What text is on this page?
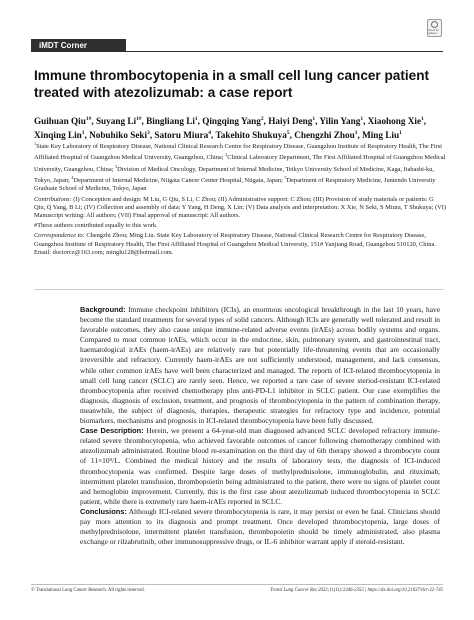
Check for updates
iMDT Corner
Immune thrombocytopenia in a small cell lung cancer patient treated with atezolizumab: a case report
Guihuan Qiu$^{1\#}$, Suyang $Li^{1\#}$, Bingliang Li$^1$, Qingqing Yang$^2$, Haiyi Deng$^1$, Yilin Yang$^1$, Xiaohong Xie$^1$, Xinqing Lin$^1$, Nobuhiko Seki$^3$, Satoru Miura$^4$, Takehito Shukuya$^5$, Chengzhi Zhou$^1$, Ming Liu$^1$

$^1$State Key Laboratory of Respiratory Disease, National Clinical Research Centre for Respiratory Disease, Guangzhou Institute of Respiratory Health, The First Affiliated Hospital of Guangzhou Medical University, Guangzhou, China; $^2$Clinical Laboratory Department, The First Affiliated Hospital of Guangzhou Medical University, Guangzhou, China; $^3$Division of Medical Oncology, Department of Internal Medicine, Teikyo University School of Medicine, Kaga, Itabashi-ku, Tokyo, Japan; $^4$Department of Internal Medicine, Niigata Cancer Center Hospital, Niigata, Japan; $^5$Department of Respiratory Medicine, Juntendo University Graduate School of Medicine, Tokyo, Japan

Contributions: (I) Conception and design: M Liu, G Qiu, S Li, C Zhou; (II) Administrative support: C Zhou; (III) Provision of study materials or patients: G Qiu, Q Yang, B Li; (IV) Collection and assembly of data: Y Yang, H Deng, X Lin; (V) Data analysis and interpretation: X Xie, N Seki, S Miura, T Shukuya; (VI) Manuscript writing: All authors; (VII) Final approval of manuscript: All authors.

#These authors contributed equally to this work.

Correspondence to: Chengzhi Zhou; Ming Liu. State Key Laboratory of Respiratory Disease, National Clinical Research Centre for Respiratory Disease, Guangzhou Institute of Respiratory Health, The First Affiliated Hospital of Guangzhou Medical University, 151# Yanjiang Road, Guangzhou 510120, China. Email: doctorcz@163.com; minglu128@hotmail.com.

Background: Immune checkpoint inhibitors (ICIs), an enormous oncological breakthrough in the last 10 years, have become the standard treatments for several types of solid cancers. Although ICIs are generally well tolerated and result in favorable outcomes, they also cause unique immune-related adverse events (irAEs) across bodily systems and organs. Compared to most common irAEs, which occur in the endocrine, skin, pulmonary system, and gastrointestinal tract, haematological irAEs (haem-irAEs) are relatively rare but potentially life-threatening events that are occasionally irreversible and refractory. Currently haem-irAEs are not sufficiently understood, management, and lack consensus, while other common irAEs have well been characterized and managed. The reports of ICI-related thrombocytopenia in small cell lung cancer (SCLC) are rarely seen. Hence, we reported a rare case of severe steriod-resistant ICI-related thrombocytopenia after received chemotherapy plus anti-PD-L1 inhibitor in SCLC patient. Our case exemplifies the diagnosis, diagnosis of exclusion, treatment, and prognosis of thrombocytopenia in the pattern of combination therapy, meanwhile, the subject of diagnosis, therapies, therapeutic strategies for refractory type and incidence, potential biomarkers, mechanisms and prognosis in ICI-related thrombocytopenia have been fully discussed.

Case Description: Herein, we present a 64-year-old man diagnosed advanced SCLC developed refractory immune-related severe thrombocytopenia, who achieved favorable outcomes of cancer following chemotherapy combined with atezolizumab administrated. Routine blood re-examination on the third day of 6th therapy showed a thrombocyte count of 11×10⁹/L. Combined the medical history and the results of laboratory tests, the diagnosis of ICI-induced thrombocytopenia was confirmed. Despite large doses of methylprednisolone, immunoglobulin, and rituximab, intermittent platelet transfusion, thrombopoietin being administrated to the patient, there were no signs of platelet count and hemoglobin improvement. Currently, this is the first case about atezolizumab induced thrombocytopenia in SCLC patient, while there is extremely rare haem-irAEs reported in SCLC.

Conclusions: Although ICI-related severe thrombocytopenia is rare, it may persist or even be fatal. Clinicians should pay more attention to its diagnosis and prompt treatment. Once developed thrombocytopenia, large doses of methylprednisolone, intermittent platelet transfusion, thrombopoietin should be timely administrated, also plasma exchange or rilzabrutinib, other immunosuppressive drugs, or IL-6 inhibitor warrant apply if steroid-resistant.

© Translational Lung Cancer Research. All rights reserved.	Transl Lung Cancer Res 2022;11(11):2346-2355 | https://dx.doi.org/10.21037/tlcr-22-745
